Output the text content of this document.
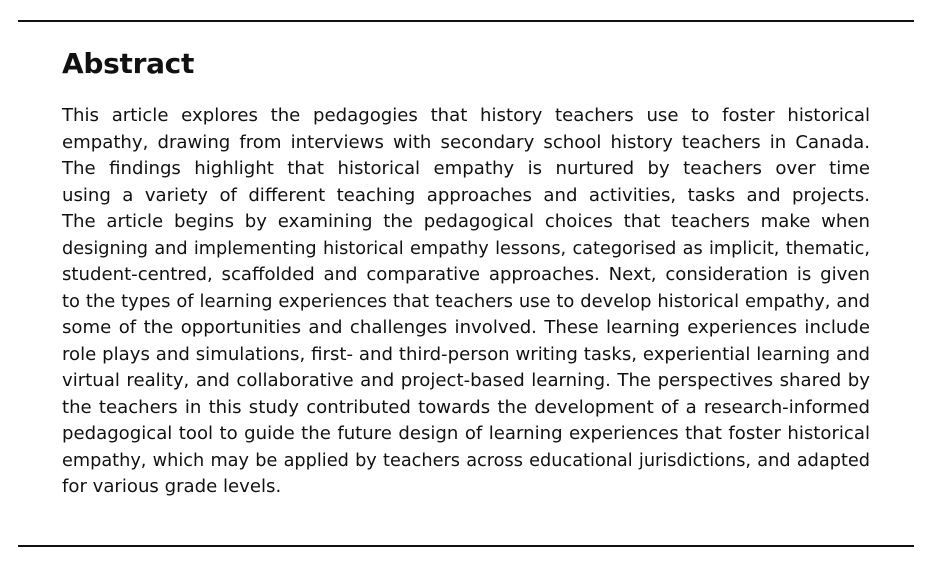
Abstract
This article explores the pedagogies that history teachers use to foster historical
empathy, drawing from interviews with secondary school history teachers in Canada.
The findings highlight that historical empathy is nurtured by teachers over time
using a variety of different teaching approaches and activities, tasks and projects.
The article begins by examining the pedagogical choices that teachers make when
designing and implementing historical empathy lessons, categorised as implicit, thematic,
student-centred, scaffolded and comparative approaches. Next, consideration is given
to the types of learning experiences that teachers use to develop historical empathy, and
some of the opportunities and challenges involved. These learning experiences include
role plays and simulations, first- and third-person writing tasks, experiential learning and
virtual reality, and collaborative and project-based learning. The perspectives shared by
the teachers in this study contributed towards the development of a research-informed
pedagogical tool to guide the future design of learning experiences that foster historical
empathy, which may be applied by teachers across educational jurisdictions, and adapted
for various grade levels.
